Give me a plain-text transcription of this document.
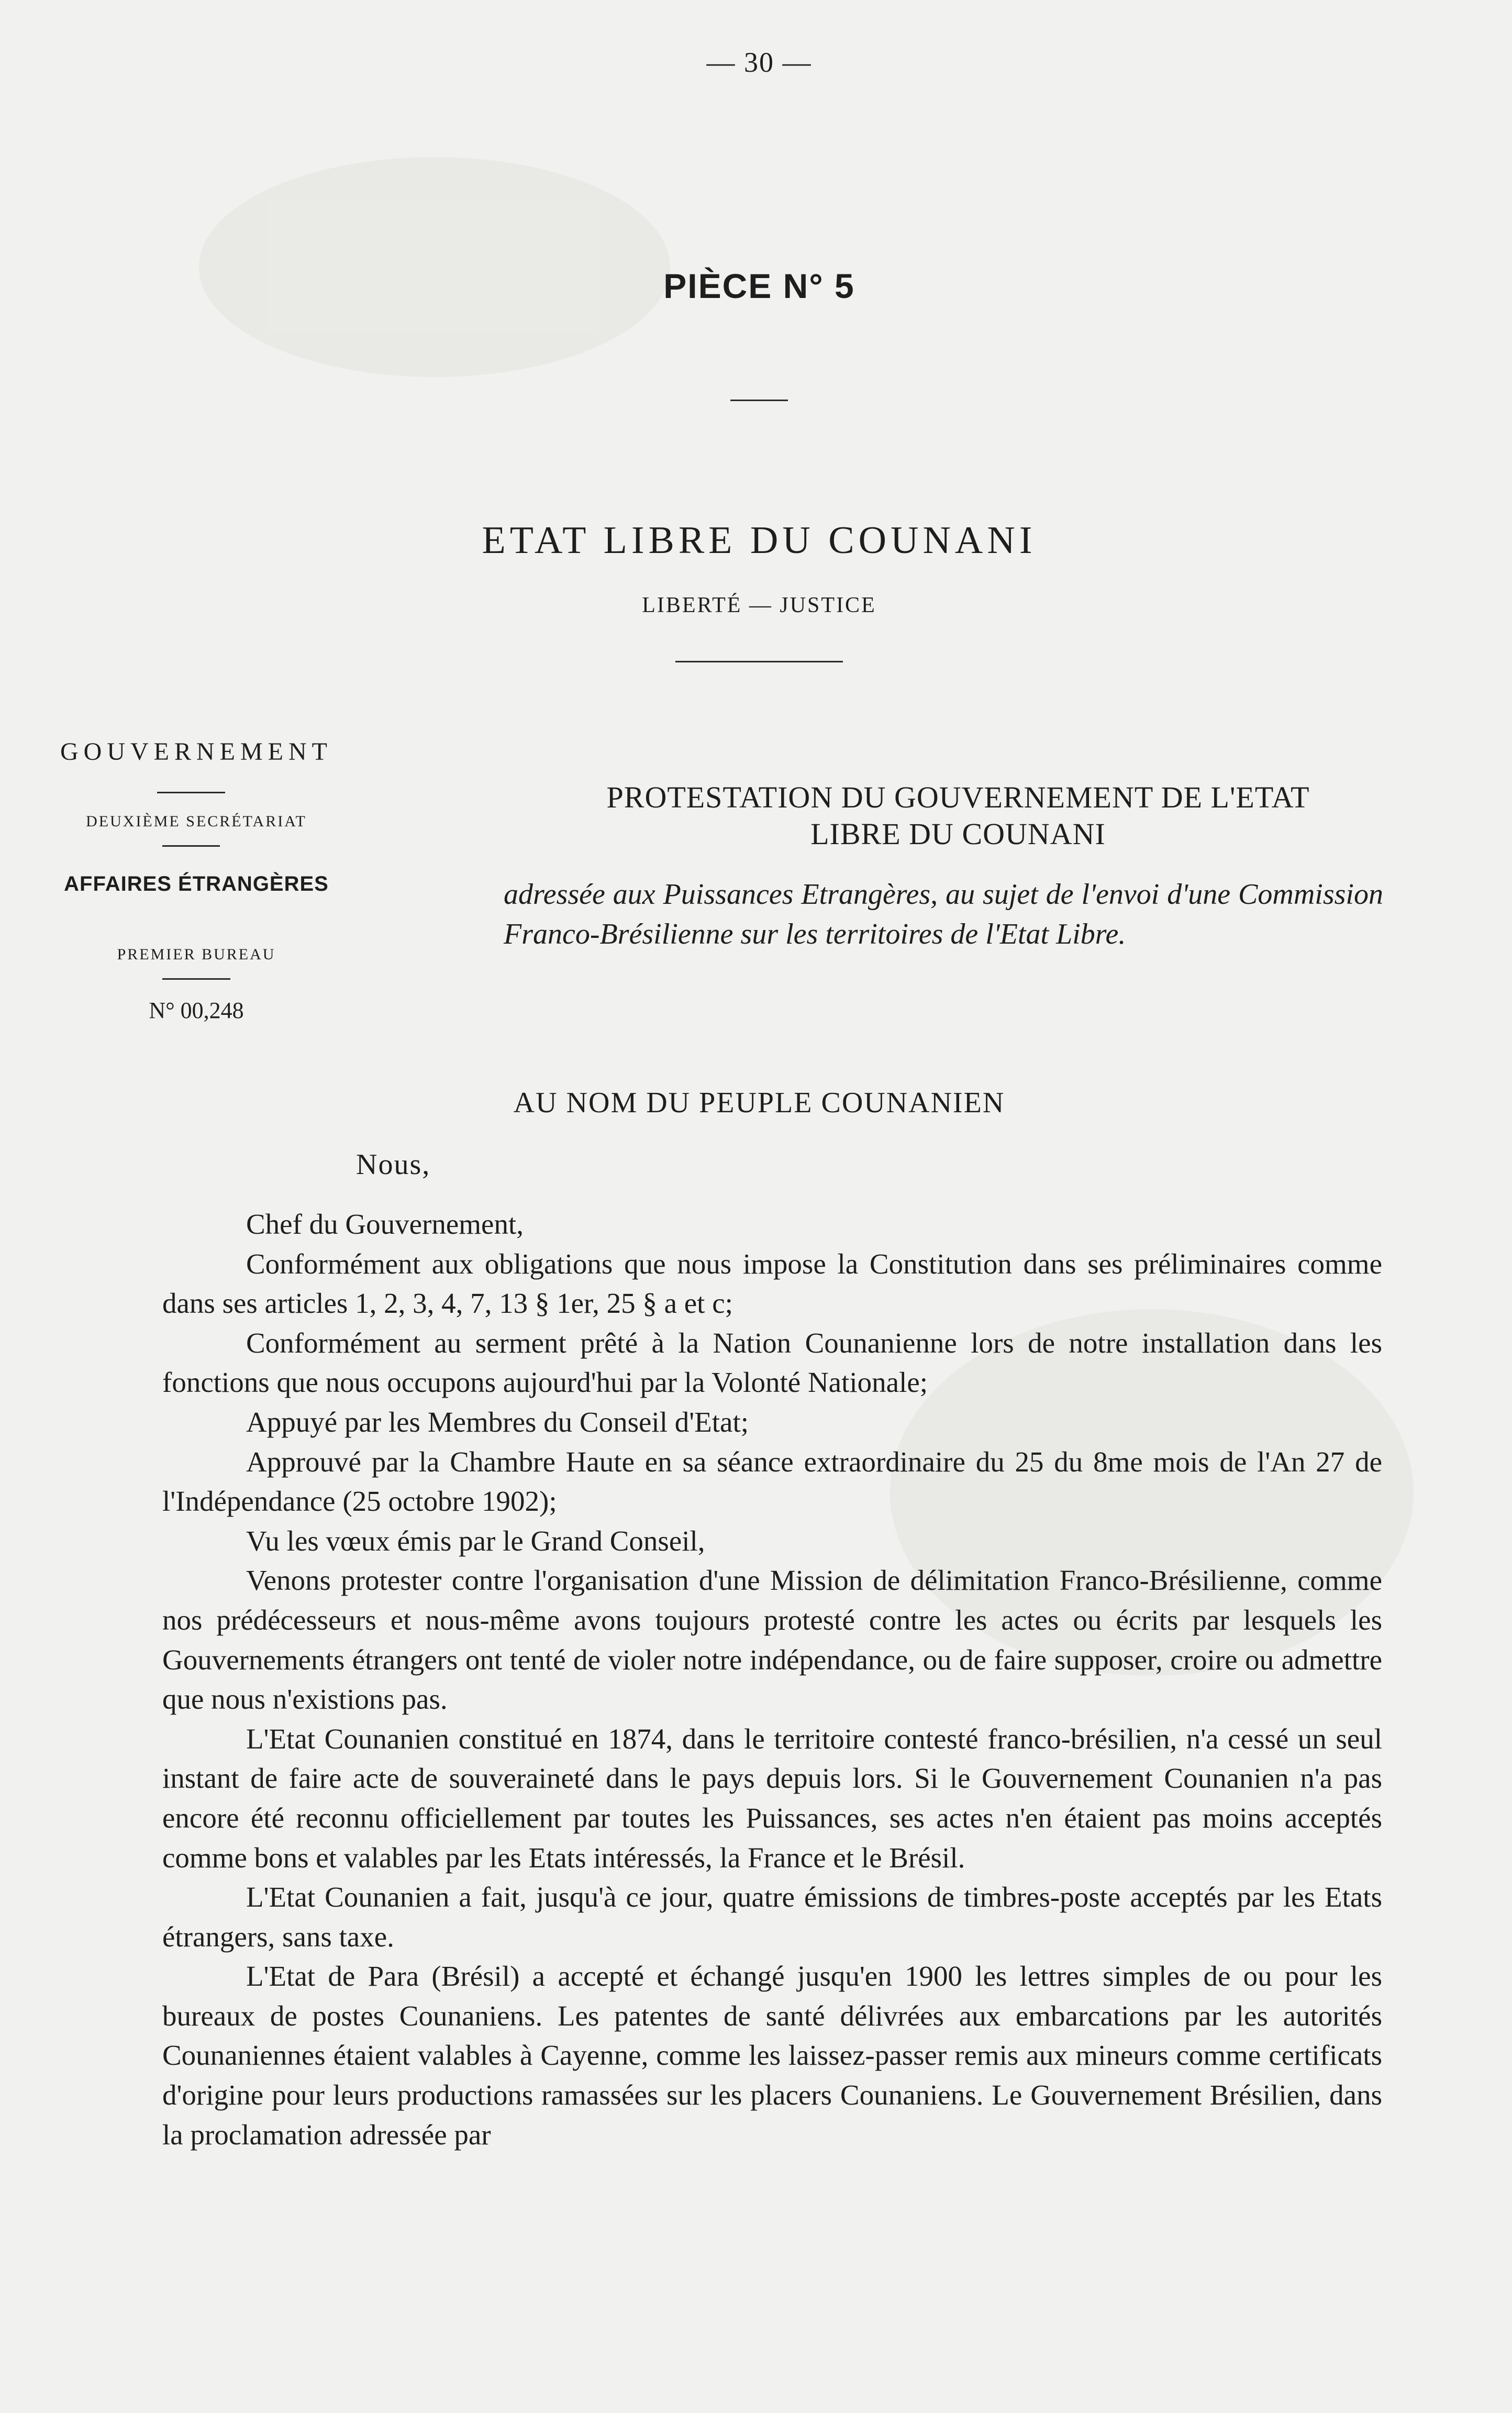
— 30 —
PIÈCE N° 5
ETAT LIBRE DU COUNANI
LIBERTÉ — JUSTICE
GOUVERNEMENT
DEUXIÈME SECRÉTARIAT
AFFAIRES ÉTRANGÈRES
PREMIER BUREAU
N° 00,248
PROTESTATION DU GOUVERNEMENT DE L'ETAT
LIBRE DU COUNANI
adressée aux Puissances Etrangères, au sujet de l'envoi d'une Commission Franco-Brésilienne sur les territoires de l'Etat Libre.
AU NOM DU PEUPLE COUNANIEN
Nous,

Chef du Gouvernement,

Conformément aux obligations que nous impose la Constitution dans ses préliminaires comme dans ses articles 1, 2, 3, 4, 7, 13 § 1er, 25 § a et c;

Conformément au serment prêté à la Nation Counanienne lors de notre installation dans les fonctions que nous occupons aujourd'hui par la Volonté Nationale;

Appuyé par les Membres du Conseil d'Etat;

Approuvé par la Chambre Haute en sa séance extraordinaire du 25 du 8me mois de l'An 27 de l'Indépendance (25 octobre 1902);

Vu les vœux émis par le Grand Conseil,

Venons protester contre l'organisation d'une Mission de délimitation Franco-Brésilienne, comme nos prédécesseurs et nous-même avons toujours protesté contre les actes ou écrits par lesquels les Gouvernements étrangers ont tenté de violer notre indépendance, ou de faire supposer, croire ou admettre que nous n'existions pas.

L'Etat Counanien constitué en 1874, dans le territoire contesté franco-brésilien, n'a cessé un seul instant de faire acte de souveraineté dans le pays depuis lors. Si le Gouvernement Counanien n'a pas encore été reconnu officiellement par toutes les Puissances, ses actes n'en étaient pas moins acceptés comme bons et valables par les Etats intéressés, la France et le Brésil.

L'Etat Counanien a fait, jusqu'à ce jour, quatre émissions de timbres-poste acceptés par les Etats étrangers, sans taxe.

L'Etat de Para (Brésil) a accepté et échangé jusqu'en 1900 les lettres simples de ou pour les bureaux de postes Counaniens. Les patentes de santé délivrées aux embarcations par les autorités Counaniennes étaient valables à Cayenne, comme les laissez-passer remis aux mineurs comme certificats d'origine pour leurs productions ramassées sur les placers Counaniens. Le Gouvernement Brésilien, dans la proclamation adressée par
